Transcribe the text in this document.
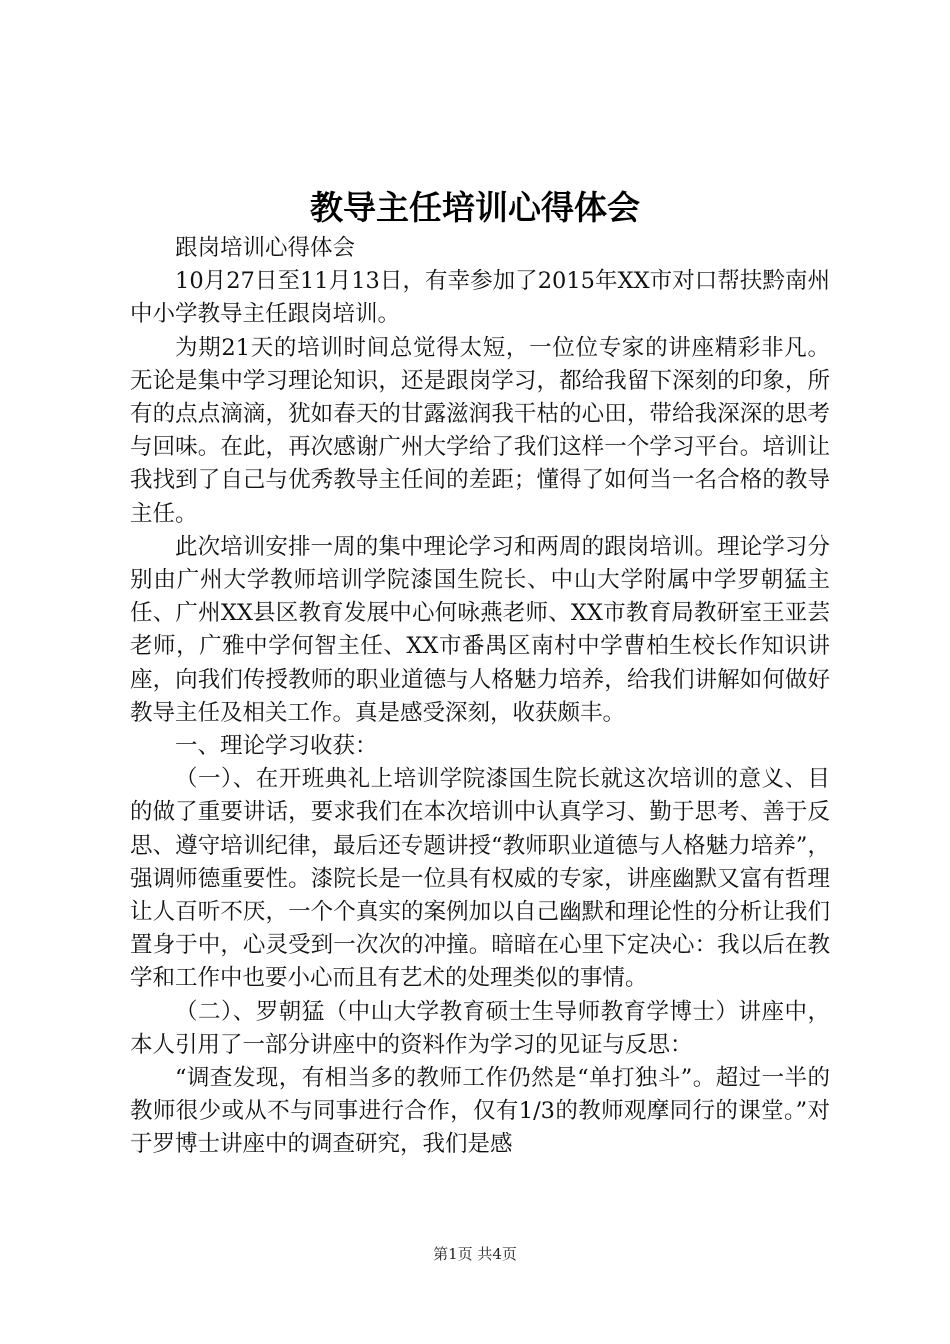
教导主任培训心得体会

跟岗培训心得体会

10月27日至11月13日，有幸参加了2015年XX市对口帮扶黔南州中小学教导主任跟岗培训。

为期21天的培训时间总觉得太短，一位位专家的讲座精彩非凡。无论是集中学习理论知识，还是跟岗学习，都给我留下深刻的印象，所有的点点滴滴，犹如春天的甘露滋润我干枯的心田，带给我深深的思考与回味。在此，再次感谢广州大学给了我们这样一个学习平台。培训让我找到了自己与优秀教导主任间的差距；懂得了如何当一名合格的教导主任。

此次培训安排一周的集中理论学习和两周的跟岗培训。理论学习分别由广州大学教师培训学院漆国生院长、中山大学附属中学罗朝猛主任、广州XX县区教育发展中心何咏燕老师、XX市教育局教研室王亚芸老师，广雅中学何智主任、XX市番禺区南村中学曹柏生校长作知识讲座，向我们传授教师的职业道德与人格魅力培养，给我们讲解如何做好教导主任及相关工作。真是感受深刻，收获颇丰。

一、理论学习收获：

（一）、在开班典礼上培训学院漆国生院长就这次培训的意义、目的做了重要讲话，要求我们在本次培训中认真学习、勤于思考、善于反思、遵守培训纪律，最后还专题讲授“教师职业道德与人格魅力培养”，强调师德重要性。漆院长是一位具有权威的专家，讲座幽默又富有哲理让人百听不厌，一个个真实的案例加以自己幽默和理论性的分析让我们置身于中，心灵受到一次次的冲撞。暗暗在心里下定决心：我以后在教学和工作中也要小心而且有艺术的处理类似的事情。

（二）、罗朝猛（中山大学教育硕士生导师教育学博士）讲座中，本人引用了一部分讲座中的资料作为学习的见证与反思：

“调查发现，有相当多的教师工作仍然是“单打独斗”。超过一半的教师很少或从不与同事进行合作，仅有1/3的教师观摩同行的课堂。”对于罗博士讲座中的调查研究，我们是感

第1页 共4页
